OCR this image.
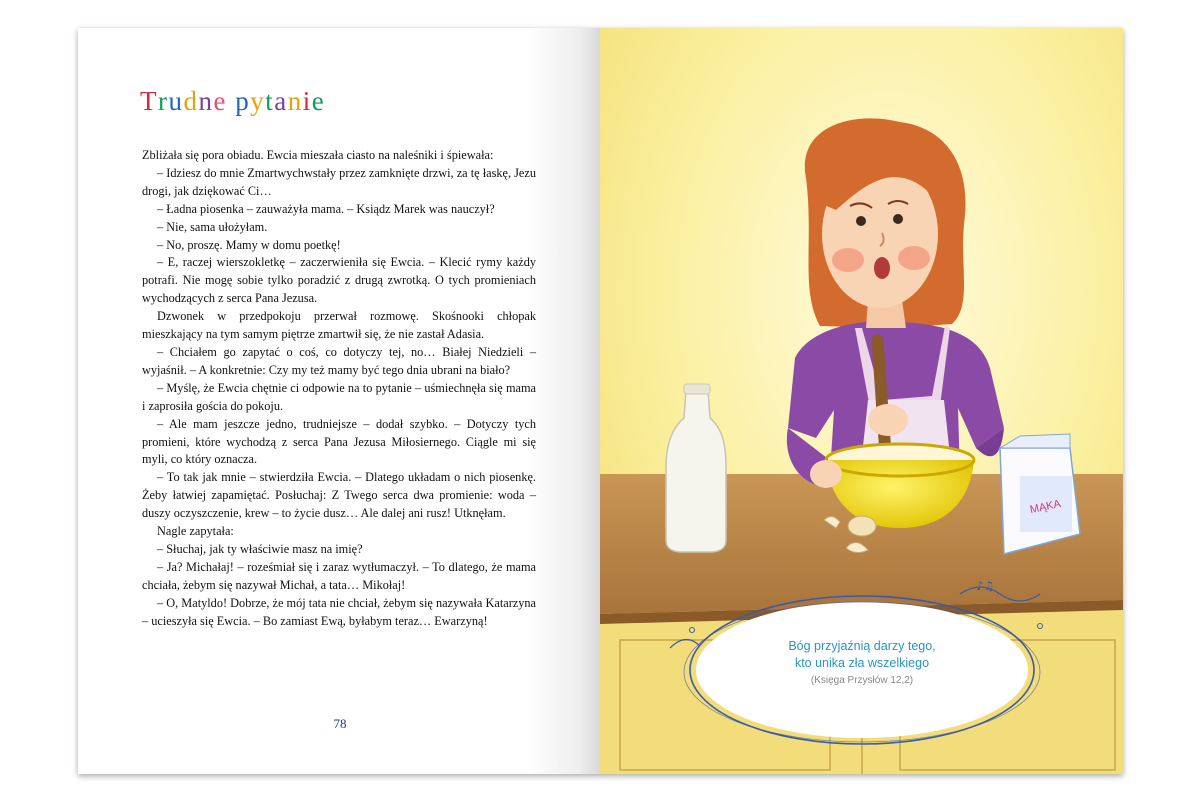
Trudne pytanie

Zbliżała się pora obiadu. Ewcia mieszała ciasto na naleśniki i śpiewała:

– Idziesz do mnie Zmartwychwstały przez zamknięte drzwi, za tę łaskę, Jezu drogi, jak dziękować Ci…

– Ładna piosenka – zauważyła mama. – Ksiądz Marek was nauczył?

– Nie, sama ułożyłam.

– No, proszę. Mamy w domu poetkę!

– E, raczej wierszokletkę – zaczerwieniła się Ewcia. – Klecić rymy każdy potrafi. Nie mogę sobie tylko poradzić z drugą zwrotką. O tych promieniach wychodzących z serca Pana Jezusa.

Dzwonek w przedpokoju przerwał rozmowę. Skośnooki chłopak mieszkający na tym samym piętrze zmartwił się, że nie zastał Adasia.

– Chciałem go zapytać o coś, co dotyczy tej, no… Białej Niedzieli – wyjaśnił. – A konkretnie: Czy my też mamy być tego dnia ubrani na biało?

– Myślę, że Ewcia chętnie ci odpowie na to pytanie – uśmiechnęła się mama i zaprosiła gościa do pokoju.

– Ale mam jeszcze jedno, trudniejsze – dodał szybko. – Dotyczy tych promieni, które wychodzą z serca Pana Jezusa Miłosiernego. Ciągle mi się myli, co który oznacza.

– To tak jak mnie – stwierdziła Ewcia. – Dlatego układam o nich piosenkę. Żeby łatwiej zapamiętać. Posłuchaj: Z Twego serca dwa promienie: woda – duszy oczyszczenie, krew – to życie dusz… Ale dalej ani rusz! Utknęłam.

Nagle zapytała:

– Słuchaj, jak ty właściwie masz na imię?

– Ja? Michałaj! – roześmiał się i zaraz wytłumaczył. – To dlatego, że mama chciała, żebym się nazywał Michał, a tata… Mikołaj!

– O, Matyldo! Dobrze, że mój tata nie chciał, żebym się nazywała Katarzyna – ucieszyła się Ewcia. – Bo zamiast Ewą, byłabym teraz… Ewarzyną!

78
MĄKA
♪♫
Bóg przyjaźnią darzy tego,
kto unika zła wszelkiego
(Księga Przysłów 12,2)
